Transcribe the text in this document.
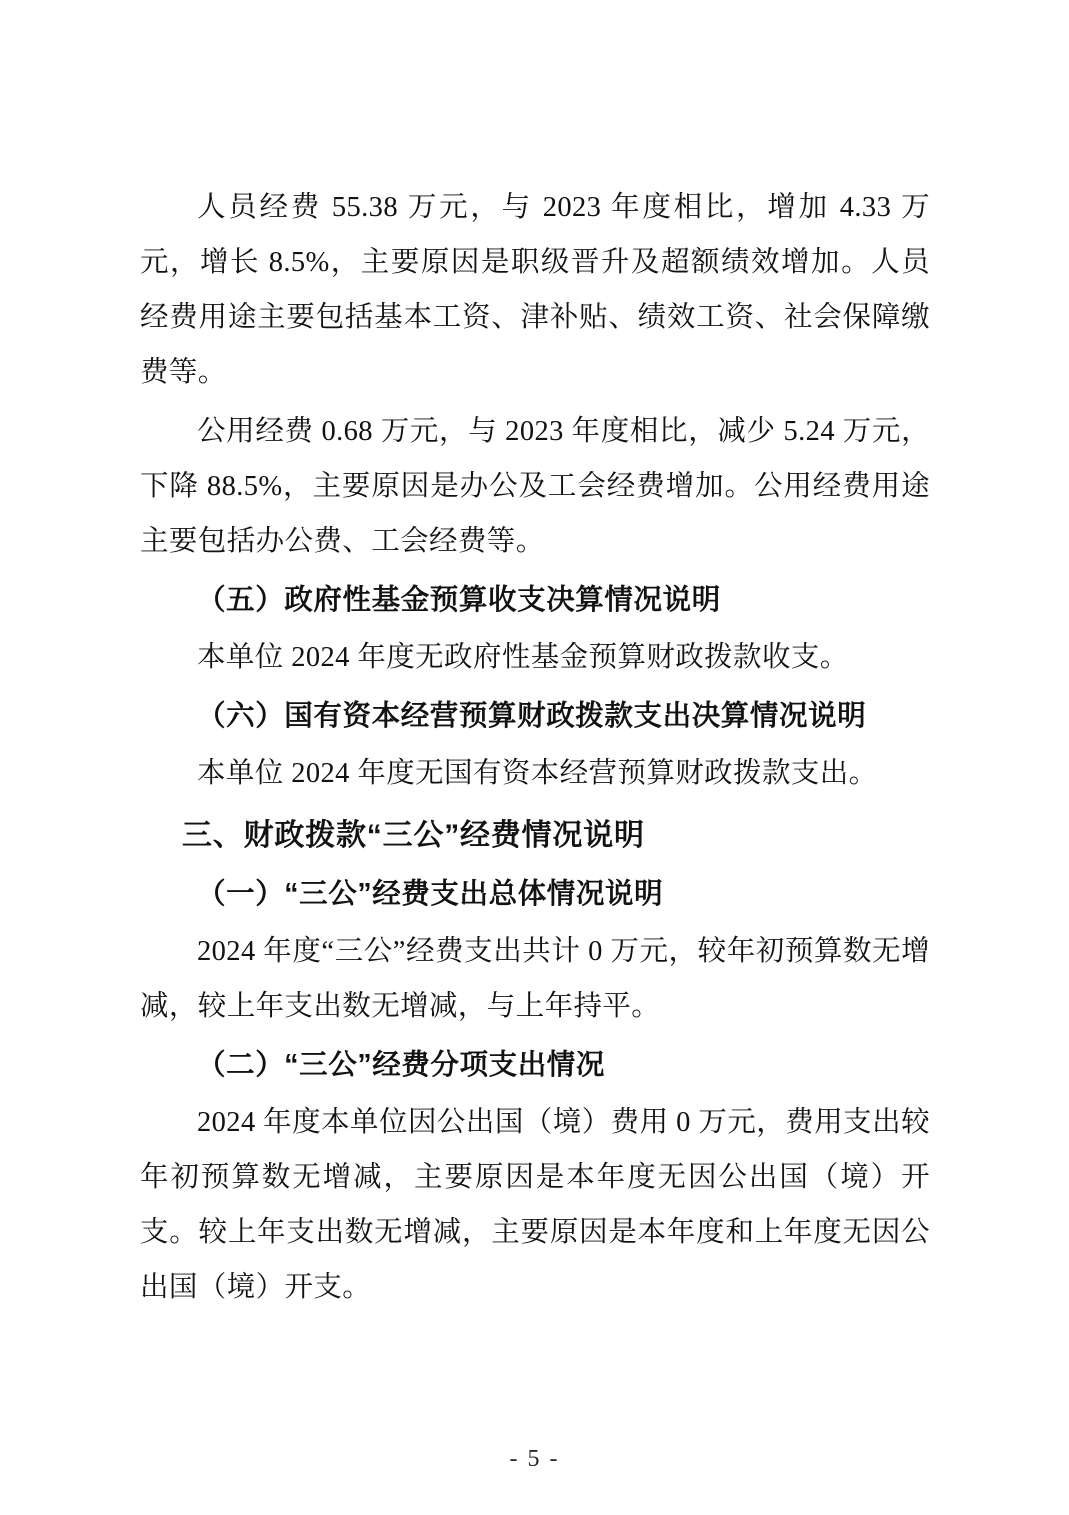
人员经费 55.38 万元，与 2023 年度相比，增加 4.33 万元，增长 8.5%，主要原因是职级晋升及超额绩效增加。人员经费用途主要包括基本工资、津补贴、绩效工资、社会保障缴费等。

公用经费 0.68 万元，与 2023 年度相比，减少 5.24 万元，下降 88.5%，主要原因是办公及工会经费增加。公用经费用途主要包括办公费、工会经费等。

（五）政府性基金预算收支决算情况说明

本单位 2024 年度无政府性基金预算财政拨款收支。

（六）国有资本经营预算财政拨款支出决算情况说明

本单位 2024 年度无国有资本经营预算财政拨款支出。

三、财政拨款“三公”经费情况说明

（一）“三公”经费支出总体情况说明

2024 年度“三公”经费支出共计 0 万元，较年初预算数无增减，较上年支出数无增减，与上年持平。

（二）“三公”经费分项支出情况

2024 年度本单位因公出国（境）费用 0 万元，费用支出较年初预算数无增减，主要原因是本年度无因公出国（境）开支。较上年支出数无增减，主要原因是本年度和上年度无因公出国（境）开支。

- 5 -
